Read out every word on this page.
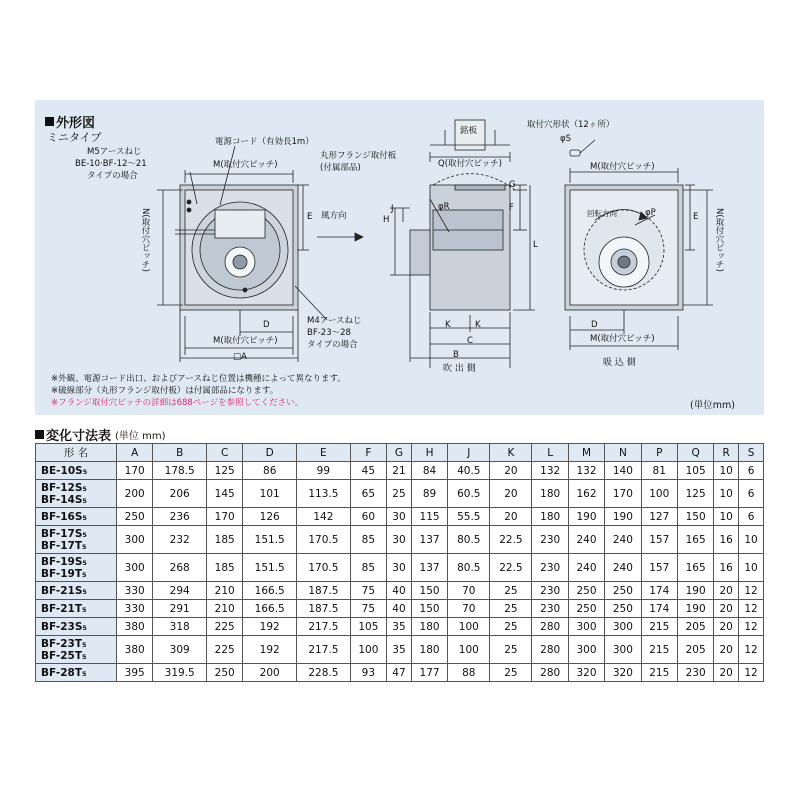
外形図
ミニタイプ
M5アースねじ
BE-10·BF-12～21
タイプの場合
電源コード（有効長1m）
M(取付穴ピッチ)
N(取付穴ピッチ)	E 風方向
M4アースねじ
BF-23～28
タイプの場合
D
M(取付穴ピッチ)
□A
銘板
丸形フランジ取付板
(付属部品)	Q(取付穴ピッチ)
G
F
H
J
L
φR
K	K
C
B
吹 出 側
取付穴形状（12ヶ所）
φS
M(取付穴ピッチ)
回転方向	φP	E N(取付穴ピッチ)
D
M(取付穴ピッチ)
吸 込 側
※外観、電源コード出口、およびアースねじ位置は機種によって異なります。
※破線部分（丸形フランジ取付板）は付属部品になります。
※フランジ取付穴ピッチの詳細は688ページを参照してください。	(単位mm)
変化寸法表 (単位 mm)
形 名	A	B	C	D	E	F	G	H	J	K	L	M	N	P	Q	R	S

BE-10S₅	170	178.5	125	86	99	45	21	84	40.5	20	132	132	140	81	105	10	6

BF-12S₅
BF-14S₅	200	206	145	101	113.5	65	25	89	60.5	20	180	162	170	100	125	10	6

BF-16S₅	250	236	170	126	142	60	30	115	55.5	20	180	190	190	127	150	10	6

BF-17S₅
BF-17T₅	300	232	185	151.5	170.5	85	30	137	80.5	22.5	230	240	240	157	165	16	10

BF-19S₅
BF-19T₅	300	268	185	151.5	170.5	85	30	137	80.5	22.5	230	240	240	157	165	16	10

BF-21S₅	330	294	210	166.5	187.5	75	40	150	70	25	230	250	250	174	190	20	12

BF-21T₅	330	291	210	166.5	187.5	75	40	150	70	25	230	250	250	174	190	20	12

BF-23S₅	380	318	225	192	217.5	105	35	180	100	25	280	300	300	215	205	20	12

BF-23T₅
BF-25T₅	380	309	225	192	217.5	100	35	180	100	25	280	300	300	215	205	20	12

BF-28T₅	395	319.5	250	200	228.5	93	47	177	88	25	280	320	320	215	230	20	12
